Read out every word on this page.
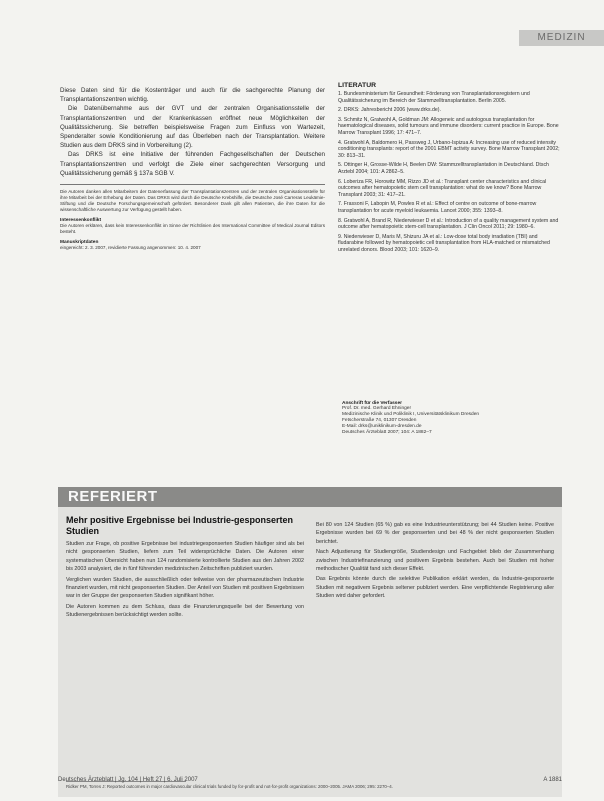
MEDIZIN

Diese Daten sind für die Kostenträger und auch für die sachgerechte Planung der Transplantationszentren wichtig.

Die Datenübernahme aus der GVT und der zentralen Organisationsstelle der Transplantationszentren und der Krankenkassen eröffnet neue Möglichkeiten der Qualitätssicherung. Sie betreffen beispielsweise Fragen zum Einfluss von Wartezeit, Spenderalter sowie Konditionierung auf das Überleben nach der Transplantation. Weitere Studien aus dem DRKS sind in Vorbereitung (2).

Das DRKS ist eine Initiative der führenden Fachgesellschaften der Deutschen Transplantationszentren und verfolgt die Ziele einer sachgerechten Versorgung und Qualitätssicherung gemäß § 137a SGB V.

Die Autoren danken allen Mitarbeitern der Datenerfassung der Transplantationszentren und der zentralen Organisationsstelle für ihre Mitarbeit bei der Erhebung der Daten. Das DRKS wird durch die Deutsche Krebshilfe, die Deutsche José Carreras Leukämie-Stiftung und die Deutsche Forschungsgemeinschaft gefördert. Besonderer Dank gilt allen Patienten, die ihre Daten für die wissenschaftliche Auswertung zur Verfügung gestellt haben.
Interessenkonflikt
Die Autoren erklären, dass kein Interessenkonflikt im Sinne der Richtlinien des International Committee of Medical Journal Editors besteht.
Manuskriptdaten
eingereicht: 2. 3. 2007, revidierte Fassung angenommen: 10. 4. 2007
LITERATUR
1. Bundesministerium für Gesundheit: Förderung von Transplantationsregistern und Qualitätssicherung im Bereich der Stammzelltransplantation. Berlin 2005.
2. DRKS: Jahresbericht 2006 (www.drks.de).
3. Schmitz N, Gratwohl A, Goldman JM: Allogeneic and autologous transplantation for haematological diseases, solid tumours and immune disorders: current practice in Europe. Bone Marrow Transplant 1996; 17: 471–7.
4. Gratwohl A, Baldomero H, Passweg J, Urbano-Ispizua A: Increasing use of reduced intensity conditioning transplants: report of the 2001 EBMT activity survey. Bone Marrow Transplant 2002; 30: 813–31.
5. Ottinger H, Grosse-Wilde H, Beelen DW: Stammzelltransplantation in Deutschland. Dtsch Arztebl 2004; 101: A 2862–5.
6. Loberiza FR, Horowitz MM, Rizzo JD et al.: Transplant center characteristics and clinical outcomes after hematopoietic stem cell transplantation: what do we know? Bone Marrow Transplant 2003; 31: 417–21.
7. Frassoni F, Labopin M, Powles R et al.: Effect of centre on outcome of bone-marrow transplantation for acute myeloid leukaemia. Lancet 2000; 355: 1393–8.
8. Gratwohl A, Brand R, Niederwieser D et al.: Introduction of a quality management system and outcome after hematopoietic stem-cell transplantation. J Clin Oncol 2011; 29: 1980–6.
9. Niederwieser D, Maris M, Shizuru JA et al.: Low-dose total body irradiation (TBI) and fludarabine followed by hematopoietic cell transplantation from HLA-matched or mismatched unrelated donors. Blood 2003; 101: 1620–9.
Anschrift für die Verfasser
Prof. Dr. med. Gerhard Ehninger
Medizinische Klinik und Poliklinik I, Universitätsklinikum Dresden
Fetscherstraße 74, 01307 Dresden
E-Mail: drks@uniklinikum-dresden.de
Deutsches Ärzteblatt 2007; 104: A 1882–7
REFERIERT
Mehr positive Ergebnisse bei Industrie-gesponserten Studien

Studien zur Frage, ob positive Ergebnisse bei industriegesponserten Studien häufiger sind als bei nicht gesponserten Studien, liefern zum Teil widersprüchliche Daten. Die Autoren einer systematischen Übersicht haben nun 124 randomisierte kontrollierte Studien aus den Jahren 2002 bis 2003 analysiert, die in fünf führenden medizinischen Zeitschriften publiziert wurden.

Verglichen wurden Studien, die ausschließlich oder teilweise von der pharmazeutischen Industrie finanziert wurden, mit nicht gesponserten Studien. Der Anteil von Studien mit positiven Ergebnissen war in der Gruppe der gesponserten Studien signifikant höher.

Die Autoren kommen zu dem Schluss, dass die Finanzierungsquelle bei der Bewertung von Studienergebnissen berücksichtigt werden sollte.

Bei 80 von 124 Studien (65 %) gab es eine Industrieunterstützung; bei 44 Studien keine. Positive Ergebnisse wurden bei 69 % der gesponserten und bei 48 % der nicht gesponserten Studien berichtet.

Nach Adjustierung für Studiengröße, Studiendesign und Fachgebiet blieb der Zusammenhang zwischen Industriefinanzierung und positivem Ergebnis bestehen. Auch bei Studien mit hoher methodischer Qualität fand sich dieser Effekt.

Das Ergebnis könnte durch die selektive Publikation erklärt werden, da Industrie-gesponserte Studien mit negativem Ergebnis seltener publiziert werden. Eine verpflichtende Registrierung aller Studien wird daher gefordert.

Ridker PM, Torres J: Reported outcomes in major cardiovascular clinical trials funded by for-profit and not-for-profit organizations: 2000–2005. JAMA 2006; 295: 2270–4.
Deutsches Ärzteblatt | Jg. 104 | Heft 27 | 6. Juli 2007	A 1881
